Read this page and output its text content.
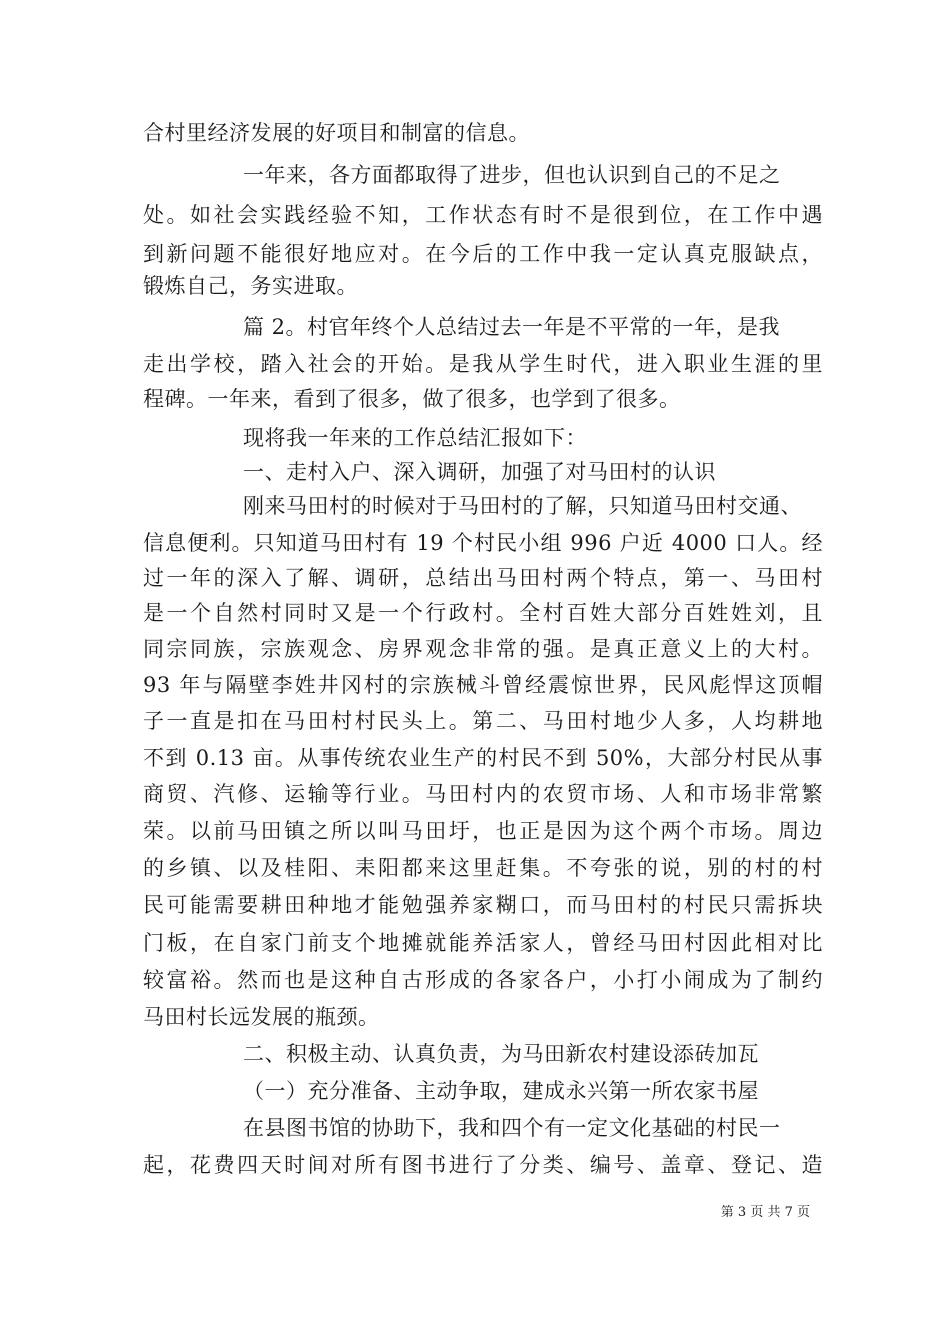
合村里经济发展的好项目和制富的信息。
一年来，各方面都取得了进步，但也认识到自己的不足之
处。如社会实践经验不知，工作状态有时不是很到位，在工作中遇
到新问题不能很好地应对。在今后的工作中我一定认真克服缺点，
锻炼自己，务实进取。
篇 2。村官年终个人总结过去一年是不平常的一年，是我
走出学校，踏入社会的开始。是我从学生时代，进入职业生涯的里
程碑。一年来，看到了很多，做了很多，也学到了很多。
现将我一年来的工作总结汇报如下：
一、走村入户、深入调研，加强了对马田村的认识
刚来马田村的时候对于马田村的了解，只知道马田村交通、
信息便利。只知道马田村有 19 个村民小组 996 户近 4000 口人。经
过一年的深入了解、调研，总结出马田村两个特点，第一、马田村
是一个自然村同时又是一个行政村。全村百姓大部分百姓姓刘，且
同宗同族，宗族观念、房界观念非常的强。是真正意义上的大村。
93 年与隔壁李姓井冈村的宗族械斗曾经震惊世界，民风彪悍这顶帽
子一直是扣在马田村村民头上。第二、马田村地少人多，人均耕地
不到 0.13 亩。从事传统农业生产的村民不到 50%，大部分村民从事
商贸、汽修、运输等行业。马田村内的农贸市场、人和市场非常繁
荣。以前马田镇之所以叫马田圩，也正是因为这个两个市场。周边
的乡镇、以及桂阳、耒阳都来这里赶集。不夸张的说，别的村的村
民可能需要耕田种地才能勉强养家糊口，而马田村的村民只需拆块
门板，在自家门前支个地摊就能养活家人，曾经马田村因此相对比
较富裕。然而也是这种自古形成的各家各户，小打小闹成为了制约
马田村长远发展的瓶颈。
二、积极主动、认真负责，为马田新农村建设添砖加瓦
（一）充分准备、主动争取，建成永兴第一所农家书屋
在县图书馆的协助下，我和四个有一定文化基础的村民一
起，花费四天时间对所有图书进行了分类、编号、盖章、登记、造
第 3 页 共 7 页
